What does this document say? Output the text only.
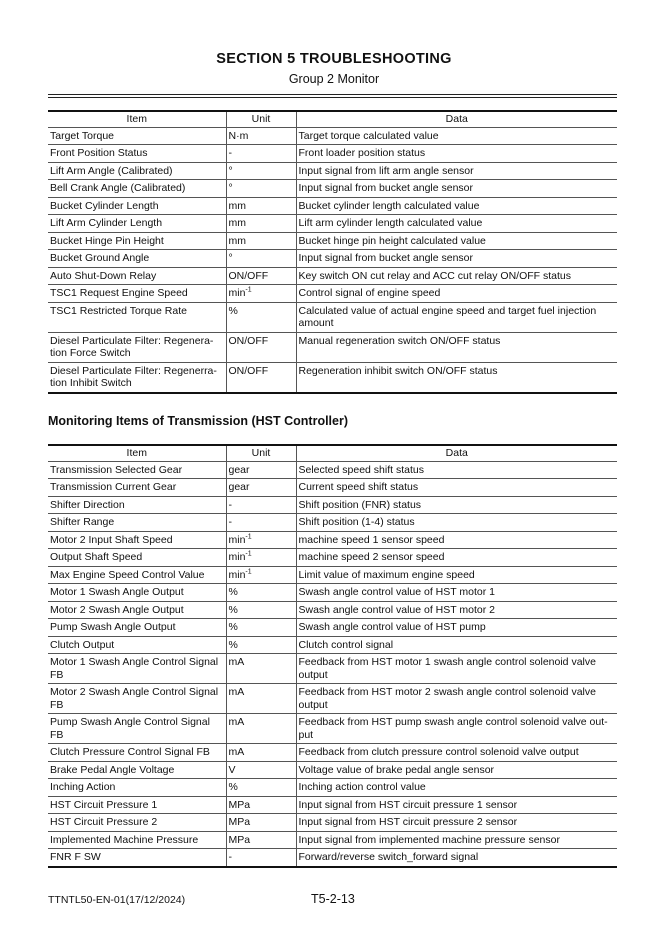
SECTION 5 TROUBLESHOOTING
Group 2 Monitor
Item	Unit	Data
Target Torque	N·m	Target torque calculated value
Front Position Status	-	Front loader position status
Lift Arm Angle (Calibrated)	°	Input signal from lift arm angle sensor
Bell Crank Angle (Calibrated)	°	Input signal from bucket angle sensor
Bucket Cylinder Length	mm	Bucket cylinder length calculated value
Lift Arm Cylinder Length	mm	Lift arm cylinder length calculated value
Bucket Hinge Pin Height	mm	Bucket hinge pin height calculated value
Bucket Ground Angle	°	Input signal from bucket angle sensor
Auto Shut-Down Relay	ON/OFF	Key switch ON cut relay and ACC cut relay ON/OFF status
TSC1 Request Engine Speed	$\min^{-1}$	Control signal of engine speed
TSC1 Restricted Torque Rate	%	Calculated value of actual engine speed and target fuel injection amount
Diesel Particulate Filter: Regenera-tion Force Switch	ON/OFF	Manual regeneration switch ON/OFF status
Diesel Particulate Filter: Regenerra-tion Inhibit Switch	ON/OFF	Regeneration inhibit switch ON/OFF status
Monitoring Items of Transmission (HST Controller)
Item	Unit	Data
Transmission Selected Gear	gear	Selected speed shift status
Transmission Current Gear	gear	Current speed shift status
Shifter Direction	-	Shift position (FNR) status
Shifter Range	-	Shift position (1-4) status
Motor 2 Input Shaft Speed	$\min^{-1}$	machine speed 1 sensor speed
Output Shaft Speed	$\min^{-1}$	machine speed 2 sensor speed
Max Engine Speed Control Value	$\min^{-1}$	Limit value of maximum engine speed
Motor 1 Swash Angle Output	%	Swash angle control value of HST motor 1
Motor 2 Swash Angle Output	%	Swash angle control value of HST motor 2
Pump Swash Angle Output	%	Swash angle control value of HST pump
Clutch Output	%	Clutch control signal
Motor 1 Swash Angle Control Signal FB	mA	Feedback from HST motor 1 swash angle control solenoid valve output
Motor 2 Swash Angle Control Signal FB	mA	Feedback from HST motor 2 swash angle control solenoid valve output
Pump Swash Angle Control Signal FB	mA	Feedback from HST pump swash angle control solenoid valve out-put
Clutch Pressure Control Signal FB	mA	Feedback from clutch pressure control solenoid valve output
Brake Pedal Angle Voltage	V	Voltage value of brake pedal angle sensor
Inching Action	%	Inching action control value
HST Circuit Pressure 1	MPa	Input signal from HST circuit pressure 1 sensor
HST Circuit Pressure 2	MPa	Input signal from HST circuit pressure 2 sensor
Implemented Machine Pressure	MPa	Input signal from implemented machine pressure sensor
FNR F SW	-	Forward/reverse switch_forward signal
TTNTL50-EN-01(17/12/2024)	T5-2-13
